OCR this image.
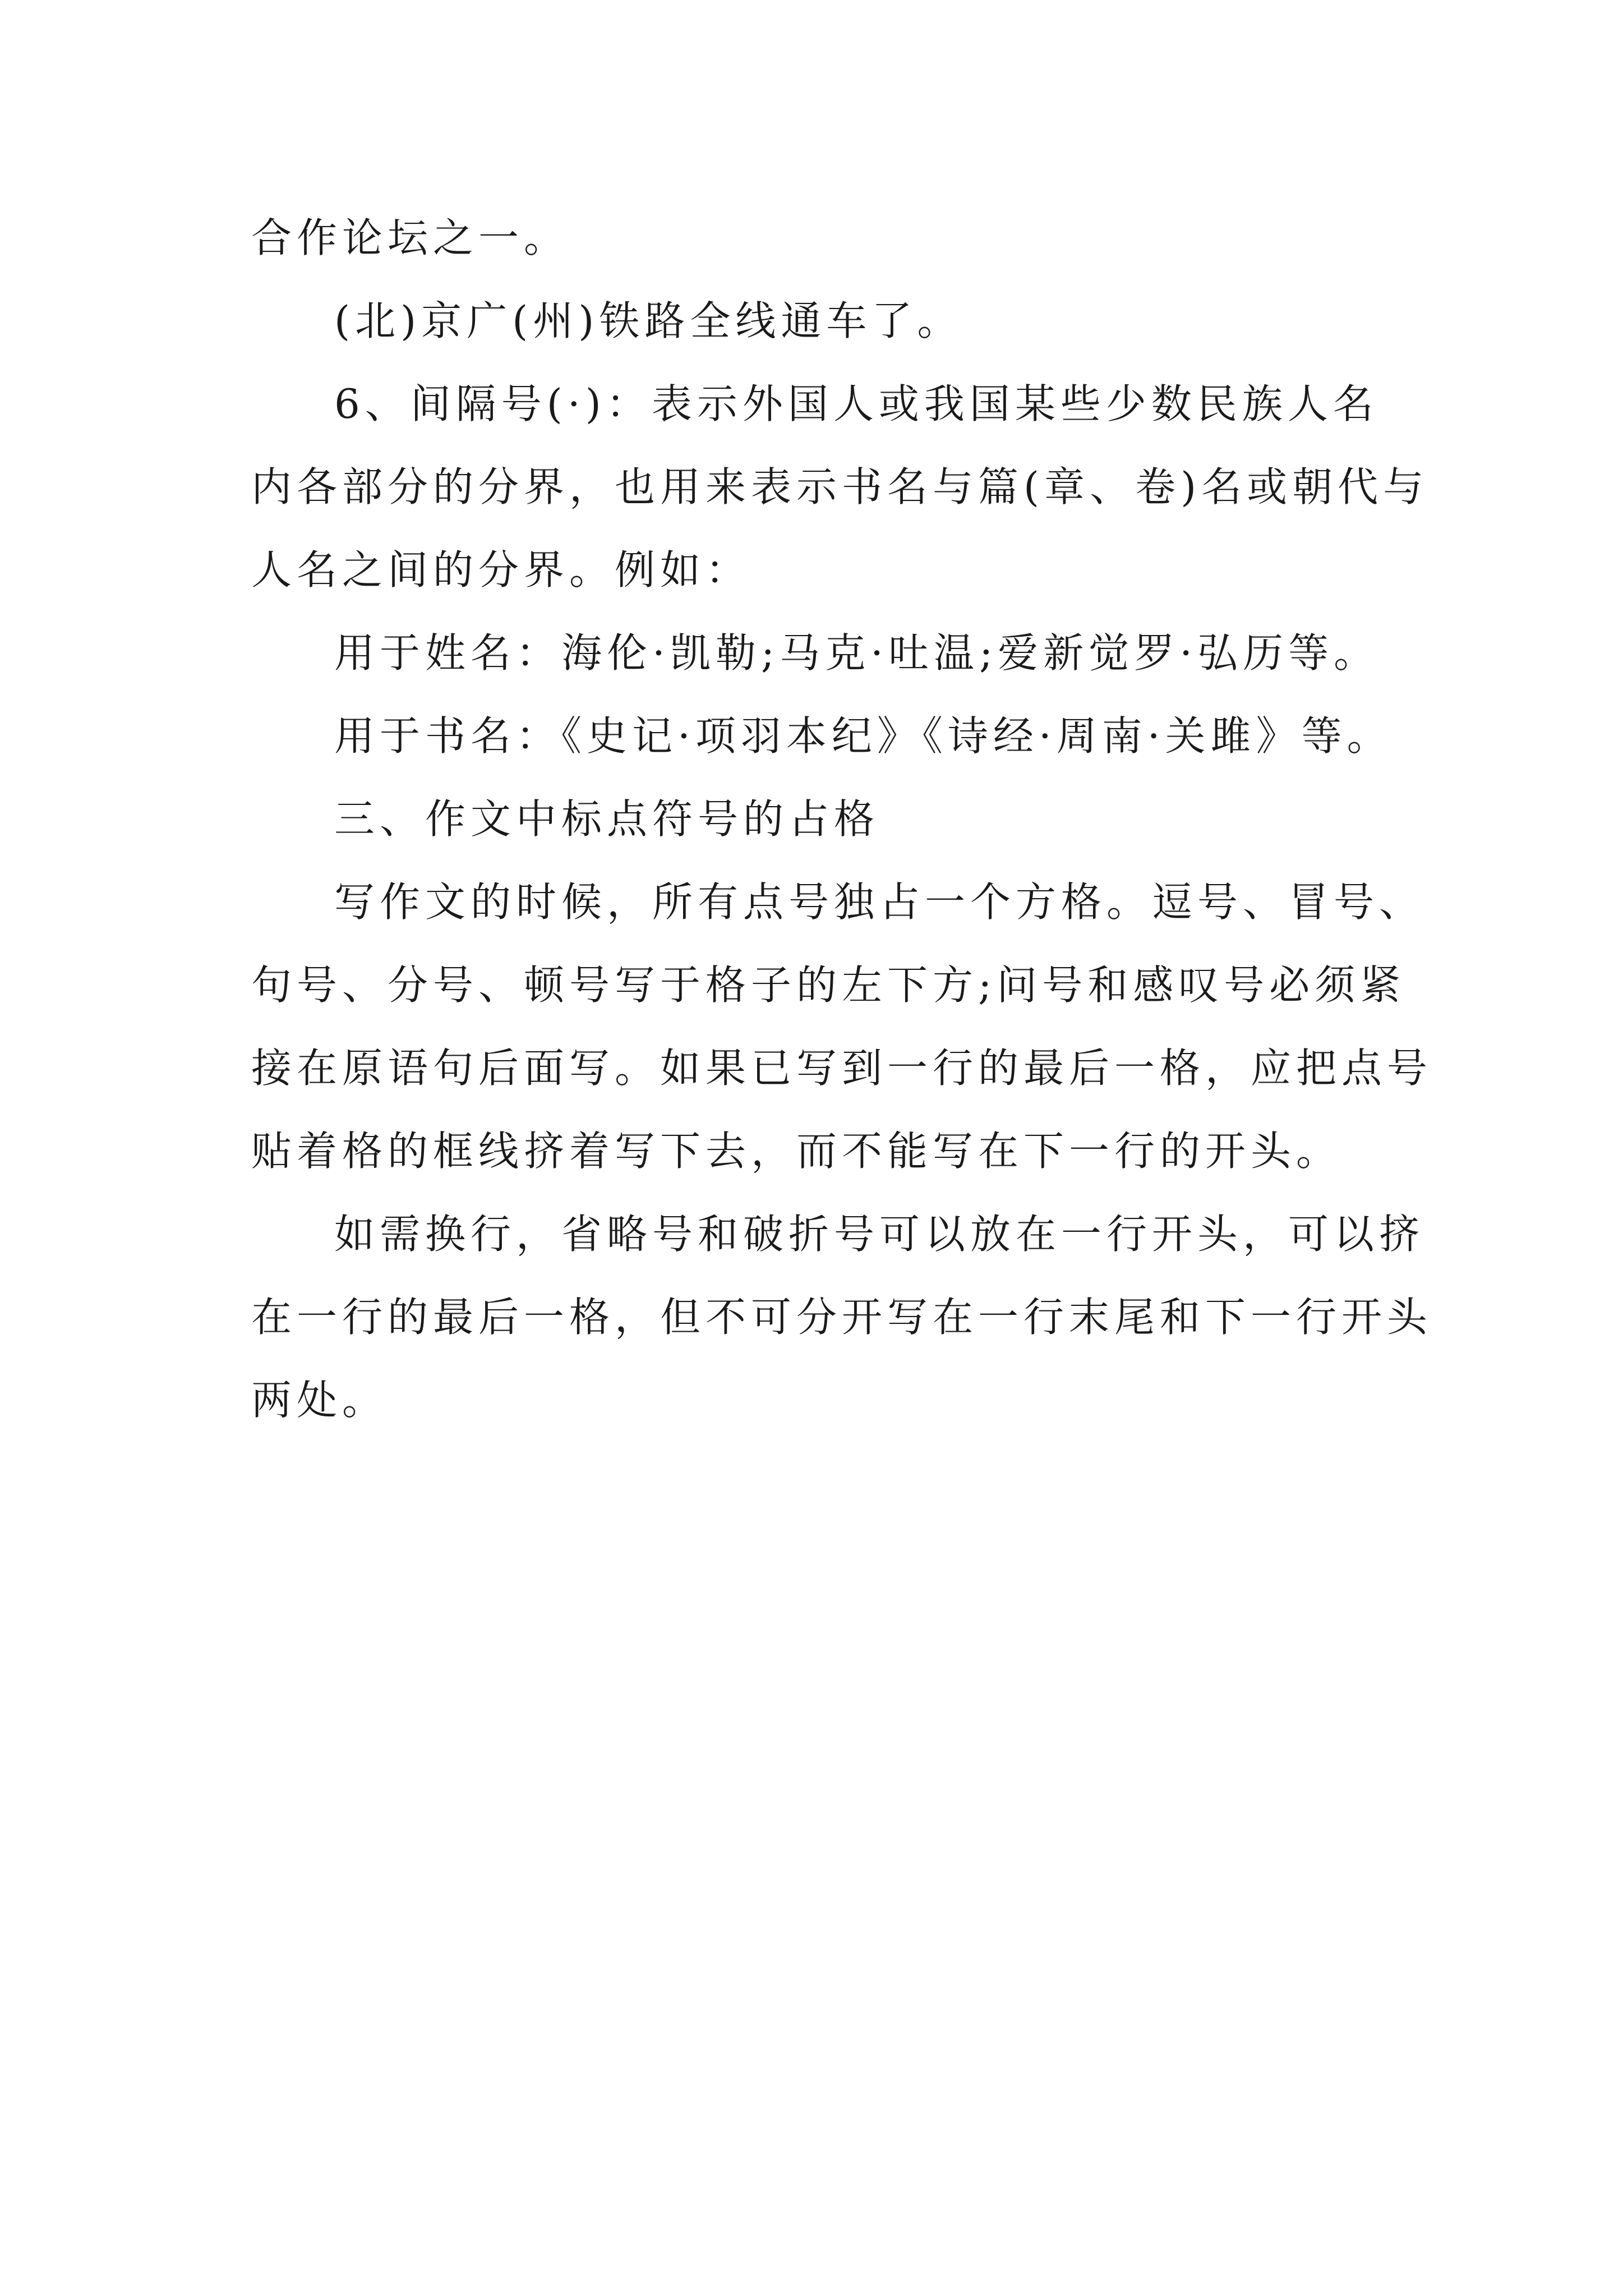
合作论坛之一。
(北)京广(州)铁路全线通车了。
6、间隔号(·)：表示外国人或我国某些少数民族人名
内各部分的分界，也用来表示书名与篇(章、卷)名或朝代与
人名之间的分界。例如：
用于姓名：海伦·凯勒;马克·吐温;爱新觉罗·弘历等。
用于书名：《史记·项羽本纪》《诗经·周南·关雎》等。
三、作文中标点符号的占格
写作文的时候，所有点号独占一个方格。逗号、冒号、
句号、分号、顿号写于格子的左下方;问号和感叹号必须紧
接在原语句后面写。如果已写到一行的最后一格，应把点号
贴着格的框线挤着写下去，而不能写在下一行的开头。
如需换行，省略号和破折号可以放在一行开头，可以挤
在一行的最后一格，但不可分开写在一行末尾和下一行开头
两处。
